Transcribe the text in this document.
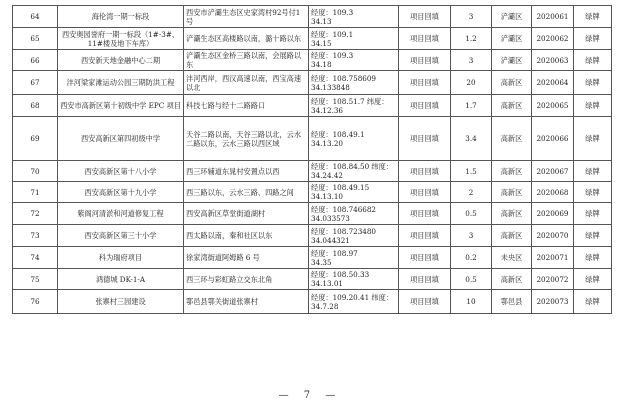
64	海伦湾一期一标段	西安市浐灞生态区史家湾村92号付1号	经度：109.3
34.13	项目回填	3	浐灞区	2020061	绿牌
65	西安奥园誉府一期一标段（1#-3#、11#楼及地下车库）	浐灞生态区高楼路以南，潞十路以东	经度：109.1
34.15	项目回填	1.2	浐灞区	2020062	绿牌
66	西安新天地金融中心二期	浐灞生态区金桥三路以南，会展路以东	经度：109.3
34.18	项目回填	3	浐灞区	2020063	绿牌
67	沣河梁家滩运动公园三期防洪工程	沣河西岸，西汉高速以南，西宝高速以北	经度：108.758609
34.133848	项目回填	20	高新区	2020064	绿牌
68	西安市高新区第十初级中学 EPC 项目	科技七路与经十二路路口	经度：108.51.7 纬度：
34.12.36	项目回填	1.7	高新区	2020065	绿牌
69	西安高新区第四初级中学	天谷二路以南，天谷三路以北，云水二路以东，云水三路以西区域	经度：108.49.1
34.13.20	项目回填	3.4	高新区	2020066	绿牌
70	西安高新区第十八小学	西三环辅道东晁村安置点以西	经度：108.84.50 纬度：
34.24.42	项目回填	1.5	高新区	2020067	绿牌
71	西安高新区第十九小学	西三路以东，云水三路、四路之间	经度：108.49.15
34.13.10	项目回填	2	高新区	2020068	绿牌
72	紫阁河清淤和河道修复工程	西安高新区草堂街道湖村	经度：108.746682
34.033573	项目回填	0.5	高新区	2020069	绿牌
73	西安高新区第三十小学	西太路以南，秦和社区以东	经度：108.723480
34.044321	项目回填	3	高新区	2020070	绿牌
74	科为瑞府项目	徐家湾街道阿姆路 6 号	经度：108.97
34.35	项目回填	0.2	未央区	2020071	绿牌
75	鸿德城 DK-1-A	西三环与彩虹路立交东北角	经度：108.50.33
34.13.01	项目回填	0.5	高新区	2020072	绿牌
76	张寨村三园建设	鄠邑县鄠关街道张寨村	经度：109.20.41 纬度：
34.7.28	项目回填	10	鄠邑县	2020073	绿牌
— 7 —
